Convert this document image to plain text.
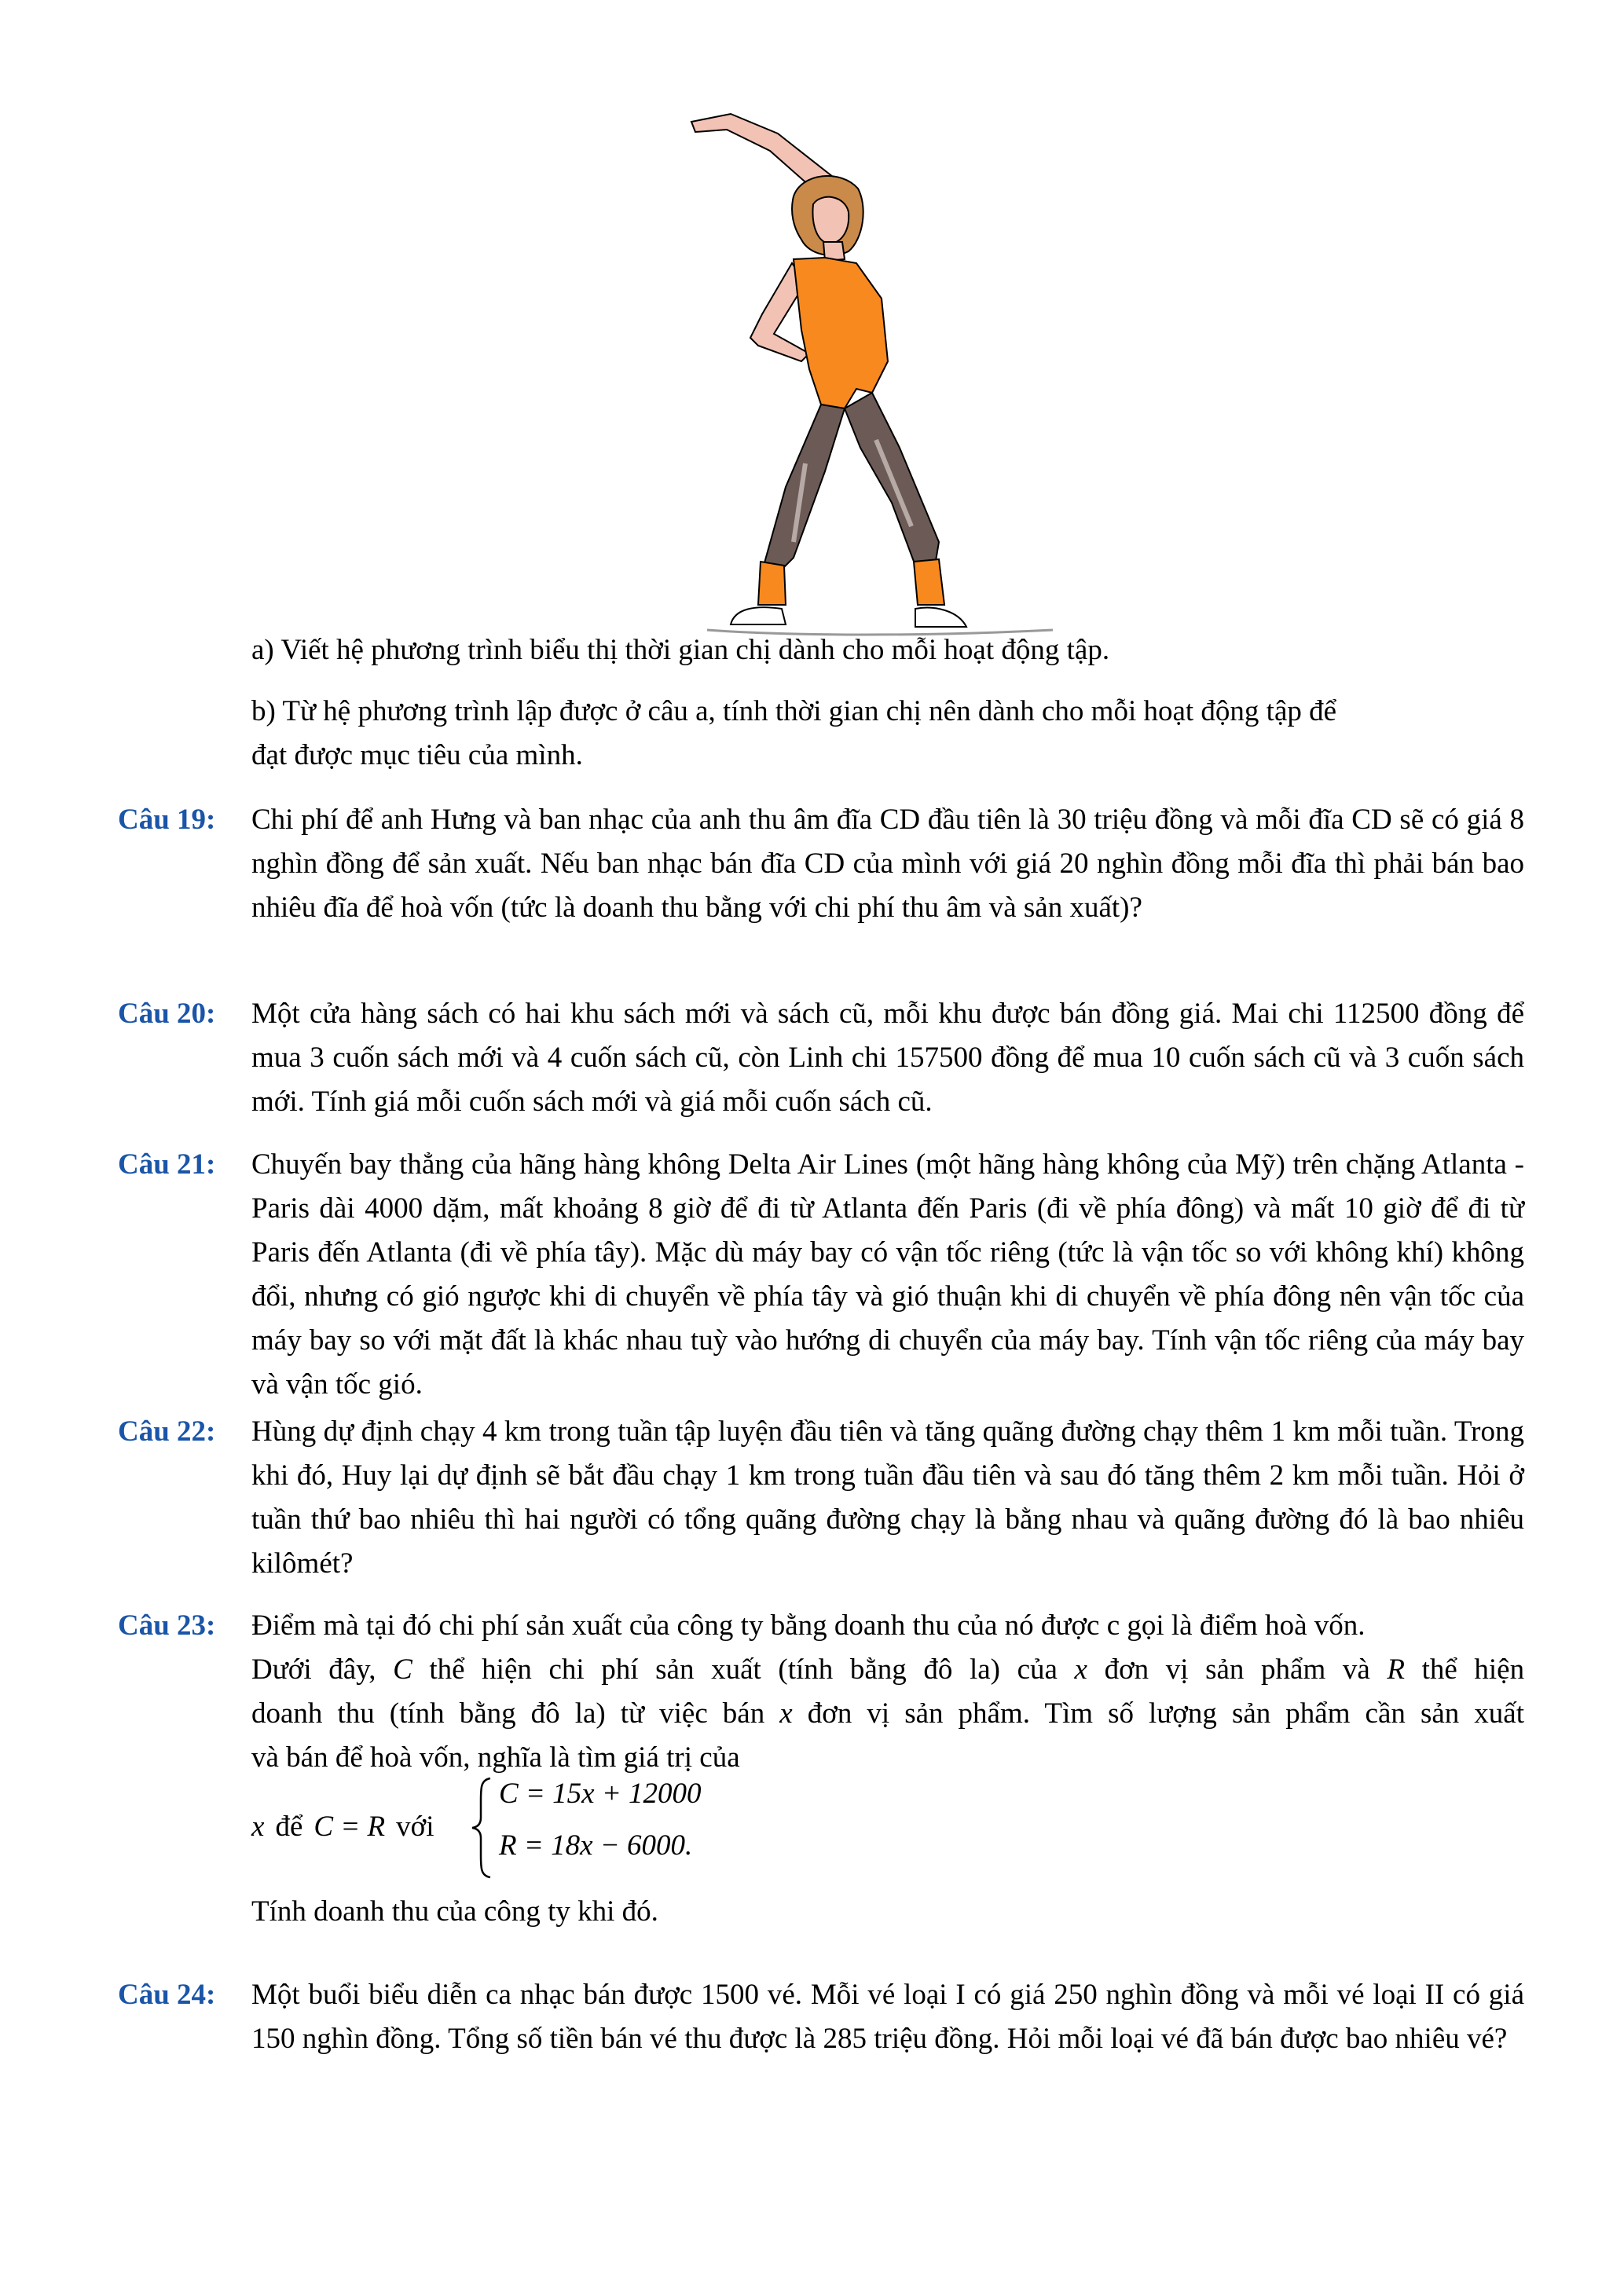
a) Viết hệ phương trình biểu thị thời gian chị dành cho mỗi hoạt động tập.
b) Từ hệ phương trình lập được ở câu a, tính thời gian chị nên dành cho mỗi hoạt động tập để
đạt được mục tiêu của mình.
Câu 19:	Chi phí để anh Hưng và ban nhạc của anh thu âm đĩa CD đầu tiên là 30 triệu đồng và mỗi đĩa CD sẽ có giá 8 nghìn đồng để sản xuất. Nếu ban nhạc bán đĩa CD của mình với giá 20 nghìn đồng mỗi đĩa thì phải bán bao nhiêu đĩa để hoà vốn (tức là doanh thu bằng với chi phí thu âm và sản xuất)?
Câu 20:	Một cửa hàng sách có hai khu sách mới và sách cũ, mỗi khu được bán đồng giá. Mai chi 112500 đồng để mua 3 cuốn sách mới và 4 cuốn sách cũ, còn Linh chi 157500 đồng để mua 10 cuốn sách cũ và 3 cuốn sách mới. Tính giá mỗi cuốn sách mới và giá mỗi cuốn sách cũ.
Câu 21:	Chuyến bay thẳng của hãng hàng không Delta Air Lines (một hãng hàng không của Mỹ) trên chặng Atlanta - Paris dài 4000 dặm, mất khoảng 8 giờ để đi từ Atlanta đến Paris (đi về phía đông) và mất 10 giờ để đi từ Paris đến Atlanta (đi về phía tây). Mặc dù máy bay có vận tốc riêng (tức là vận tốc so với không khí) không đổi, nhưng có gió ngược khi di chuyển về phía tây và gió thuận khi di chuyển về phía đông nên vận tốc của máy bay so với mặt đất là khác nhau tuỳ vào hướng di chuyển của máy bay. Tính vận tốc riêng của máy bay và vận tốc gió.
Câu 22:	Hùng dự định chạy 4 km trong tuần tập luyện đầu tiên và tăng quãng đường chạy thêm 1 km mỗi tuần. Trong khi đó, Huy lại dự định sẽ bắt đầu chạy 1 km trong tuần đầu tiên và sau đó tăng thêm 2 km mỗi tuần. Hỏi ở tuần thứ bao nhiêu thì hai người có tổng quãng đường chạy là bằng nhau và quãng đường đó là bao nhiêu kilômét?
Câu 23:	Điểm mà tại đó chi phí sản xuất của công ty bằng doanh thu của nó được c gọi là điểm hoà vốn.
Dưới đây, C thể hiện chi phí sản xuất (tính bằng đô la) của x đơn vị sản phẩm và R thể hiện
doanh thu (tính bằng đô la) từ việc bán x đơn vị sản phẩm. Tìm số lượng sản phẩm cần sản xuất
và bán để hoà vốn, nghĩa là tìm giá trị của
x để C = R với
C = 15x + 12000
R = 18x − 6000.
Tính doanh thu của công ty khi đó.
Câu 24:	Một buổi biểu diễn ca nhạc bán được 1500 vé. Mỗi vé loại I có giá 250 nghìn đồng và mỗi vé loại II có giá 150 nghìn đồng. Tổng số tiền bán vé thu được là 285 triệu đồng. Hỏi mỗi loại vé đã bán được bao nhiêu vé?
